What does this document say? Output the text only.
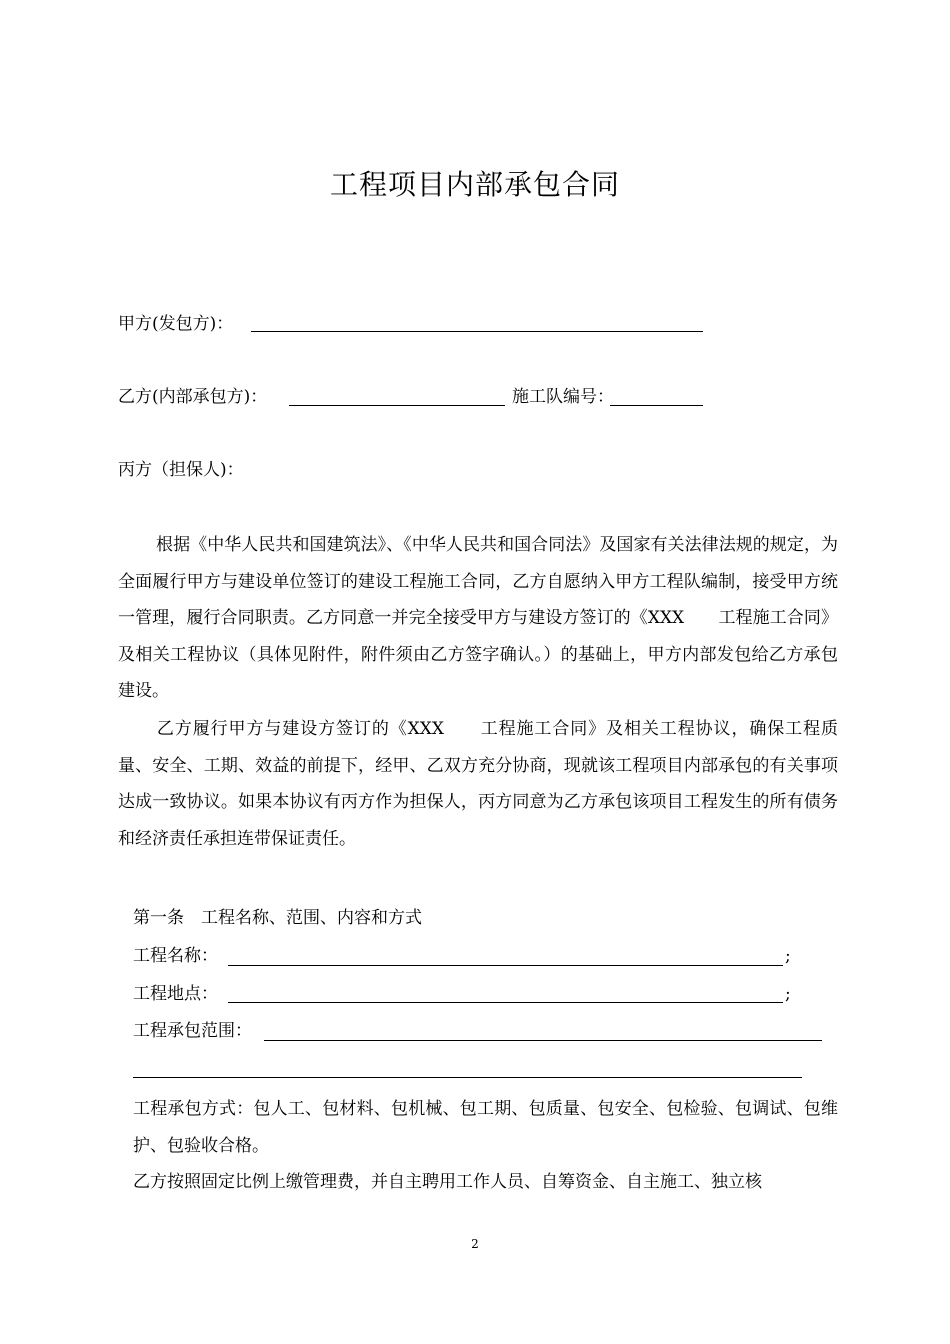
工程项目内部承包合同
甲方(发包方)：
乙方(内部承包方)：	施工队编号：
丙方（担保人)：
根据《中华人民共和国建筑法》、《中华人民共和国合同法》及国家有关法律法规的规定，为全面履行甲方与建设单位签订的建设工程施工合同，乙方自愿纳入甲方工程队编制，接受甲方统一管理，履行合同职责。乙方同意一并完全接受甲方与建设方签订的《XXX　　工程施工合同》及相关工程协议（具体见附件，附件须由乙方签字确认。）的基础上，甲方内部发包给乙方承包建设。
乙方履行甲方与建设方签订的《XXX　　工程施工合同》及相关工程协议，确保工程质量、安全、工期、效益的前提下，经甲、乙双方充分协商，现就该工程项目内部承包的有关事项达成一致协议。如果本协议有丙方作为担保人，丙方同意为乙方承包该项目工程发生的所有债务和经济责任承担连带保证责任。
第一条　工程名称、范围、内容和方式
工程名称：	;
工程地点：	;
工程承包范围：
工程承包方式：包人工、包材料、包机械、包工期、包质量、包安全、包检验、包调试、包维护、包验收合格。
乙方按照固定比例上缴管理费，并自主聘用工作人员、自筹资金、自主施工、独立核
2
